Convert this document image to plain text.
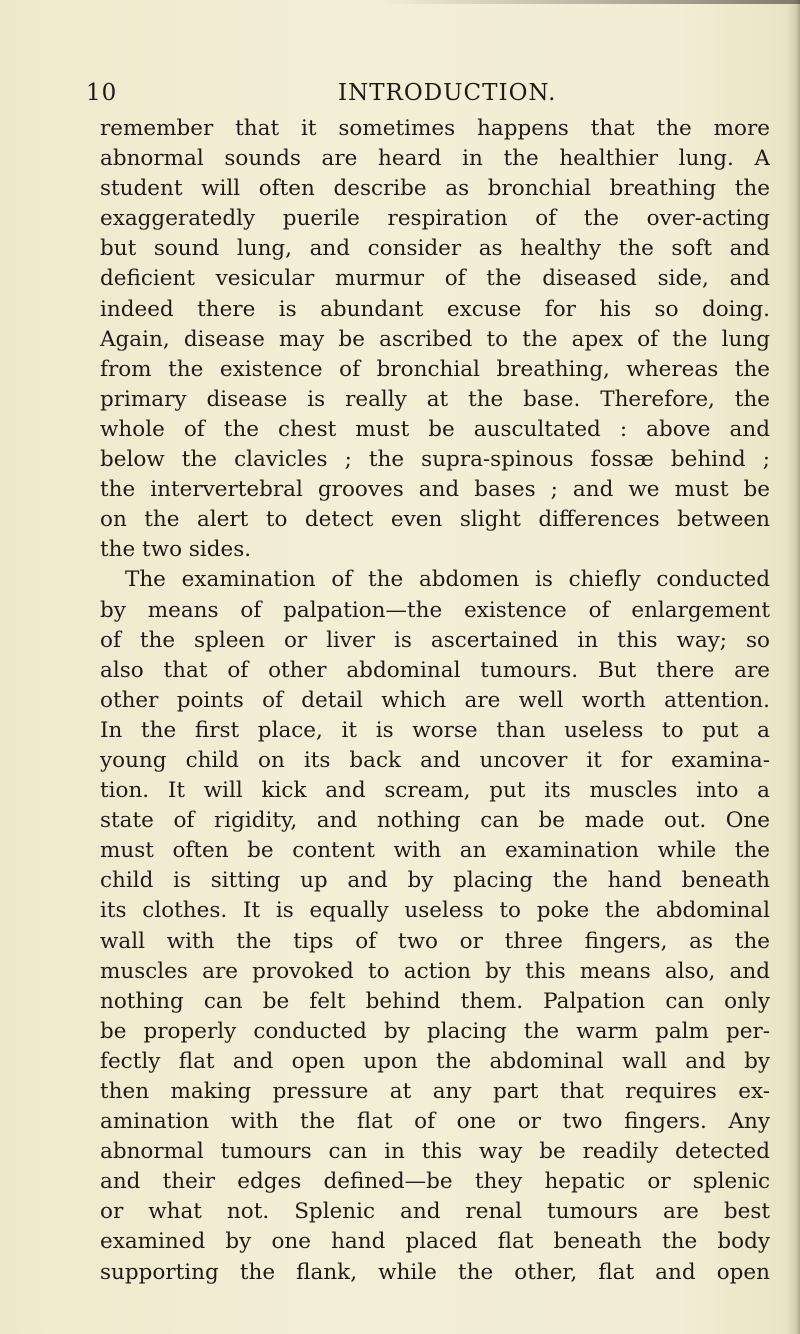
10	INTRODUCTION.
remember that it sometimes happens that the more
abnormal sounds are heard in the healthier lung. A
student will often describe as bronchial breathing the
exaggeratedly puerile respiration of the over-acting
but sound lung, and consider as healthy the soft and
deficient vesicular murmur of the diseased side, and
indeed there is abundant excuse for his so doing.
Again, disease may be ascribed to the apex of the lung
from the existence of bronchial breathing, whereas the
primary disease is really at the base. Therefore, the
whole of the chest must be auscultated : above and
below the clavicles ; the supra-spinous fossæ behind ;
the intervertebral grooves and bases ; and we must be
on the alert to detect even slight differences between
the two sides.
The examination of the abdomen is chiefly conducted
by means of palpation—the existence of enlargement
of the spleen or liver is ascertained in this way; so
also that of other abdominal tumours. But there are
other points of detail which are well worth attention.
In the first place, it is worse than useless to put a
young child on its back and uncover it for examina-
tion. It will kick and scream, put its muscles into a
state of rigidity, and nothing can be made out. One
must often be content with an examination while the
child is sitting up and by placing the hand beneath
its clothes. It is equally useless to poke the abdominal
wall with the tips of two or three fingers, as the
muscles are provoked to action by this means also, and
nothing can be felt behind them. Palpation can only
be properly conducted by placing the warm palm per-
fectly flat and open upon the abdominal wall and by
then making pressure at any part that requires ex-
amination with the flat of one or two fingers. Any
abnormal tumours can in this way be readily detected
and their edges defined—be they hepatic or splenic
or what not. Splenic and renal tumours are best
examined by one hand placed flat beneath the body
supporting the flank, while the other, flat and open
